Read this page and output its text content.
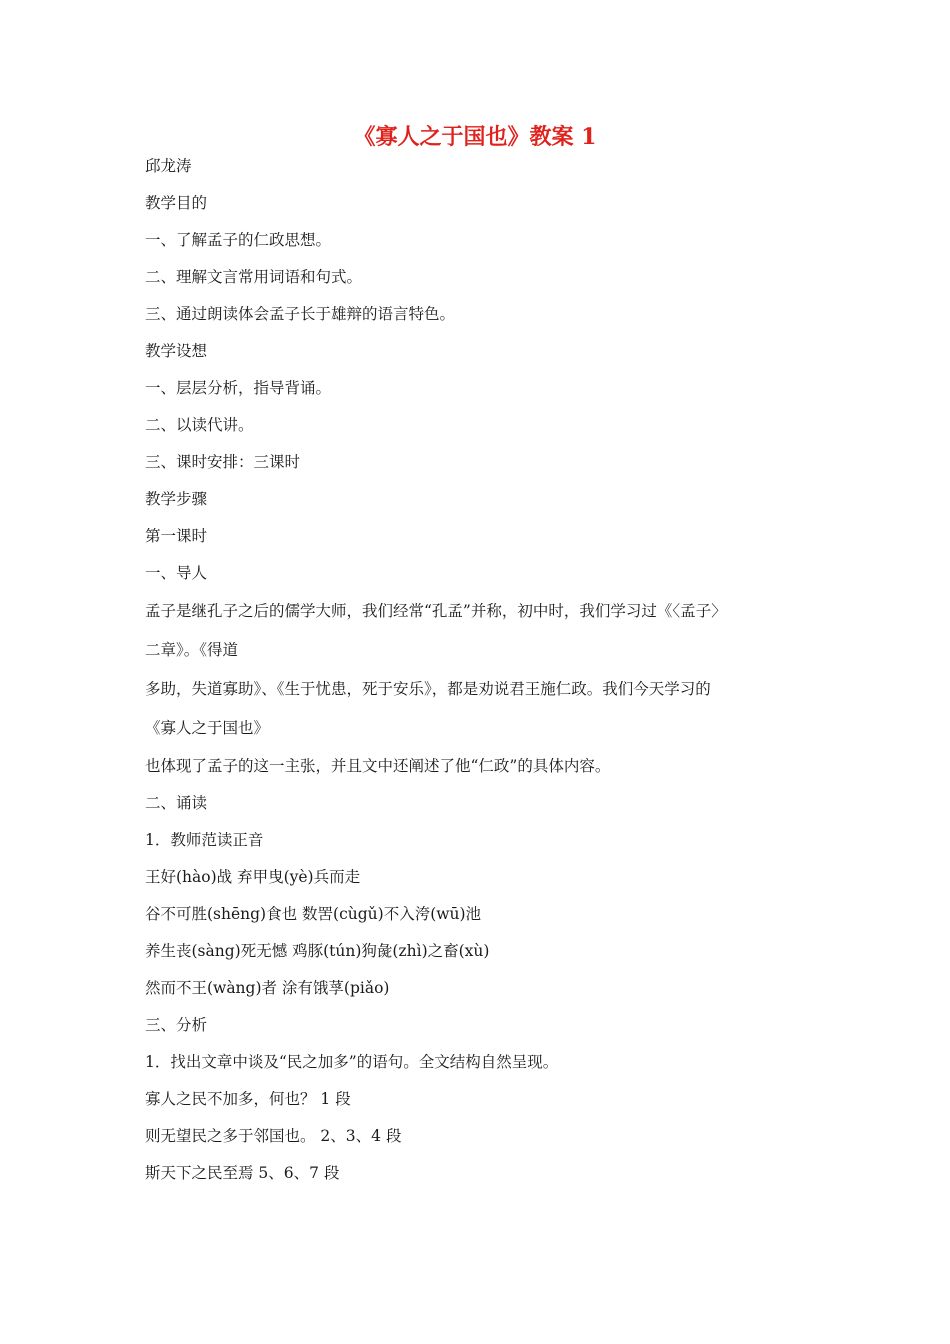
《寡人之于国也》教案 1
邱龙涛
教学目的
一、了解孟子的仁政思想。
二、理解文言常用词语和句式。
三、通过朗读体会孟子长于雄辩的语言特色。
教学设想
一、层层分析，指导背诵。
二、以读代讲。
三、课时安排：三课时
教学步骤
第一课时
一、导人
孟子是继孔子之后的儒学大师，我们经常“孔孟”并称，初中时，我们学习过《〈孟子〉
二章》。《得道
多助，失道寡助》、《生于忧患，死于安乐》，都是劝说君王施仁政。我们今天学习的
《寡人之于国也》
也体现了孟子的这一主张，并且文中还阐述了他“仁政”的具体内容。
二、诵读
1．教师范读正音
王好(hào)战 弃甲曳(yè)兵而走
谷不可胜(shēng)食也 数罟(cùgǔ)不入洿(wū)池
养生丧(sàng)死无憾 鸡豚(tún)狗彘(zhì)之畜(xù)
然而不王(wàng)者 涂有饿莩(piǎo)
三、分析
1．找出文章中谈及“民之加多”的语句。全文结构自然呈现。
寡人之民不加多，何也？ 1 段
则无望民之多于邻国也。 2、3、4 段
斯天下之民至焉 5、6、7 段
